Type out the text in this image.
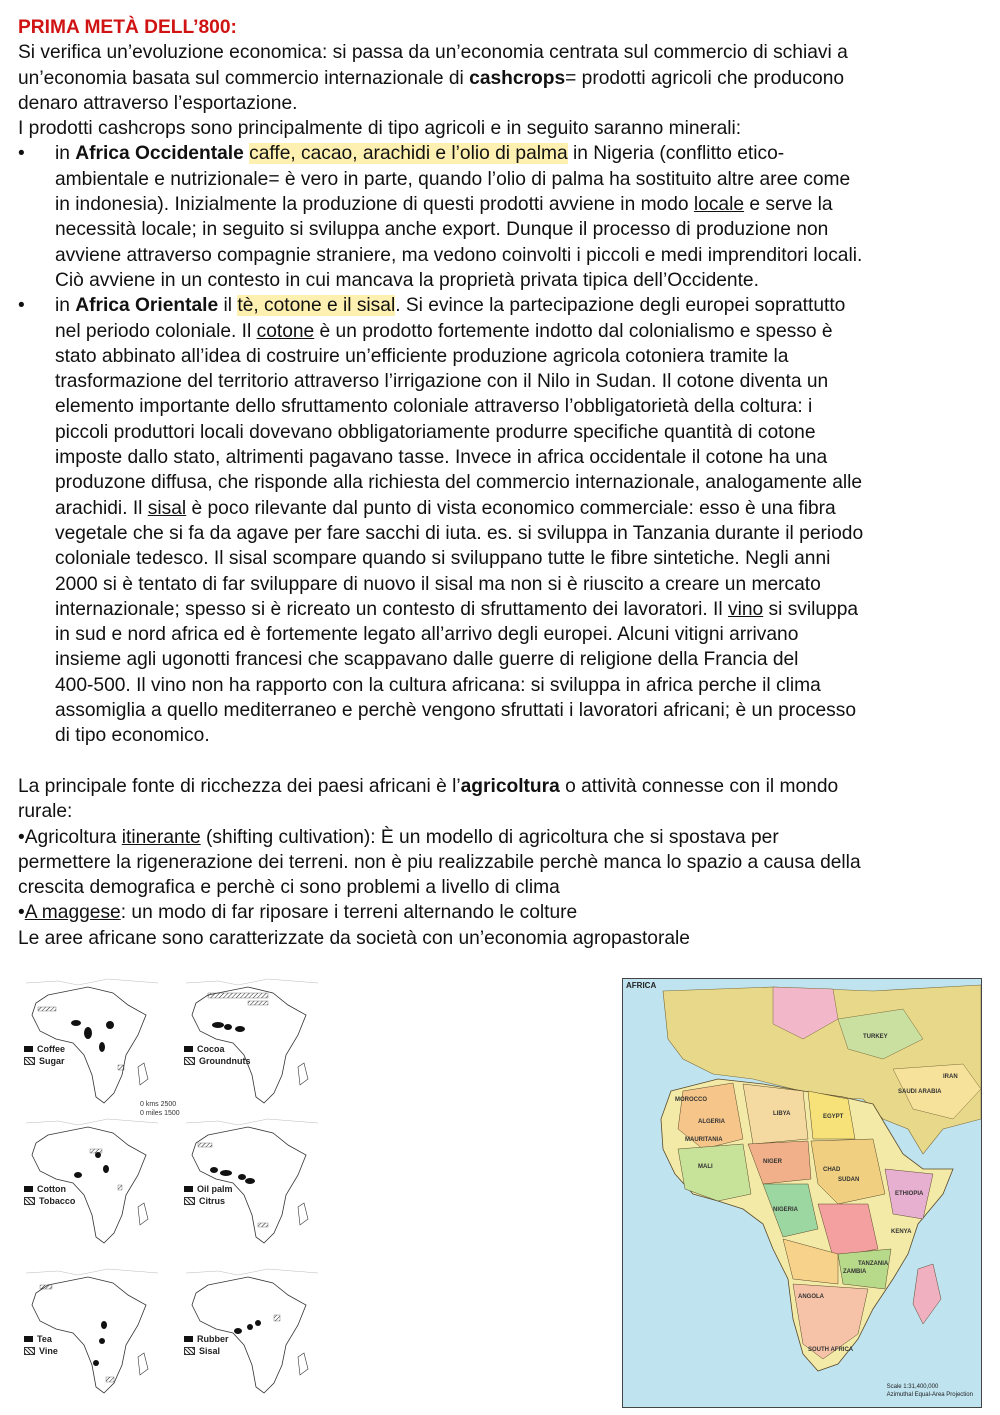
PRIMA METÀ DELL’800:
Si verifica un’evoluzione economica: si passa da un’economia centrata sul commercio di schiavi a
un’economia basata sul commercio internazionale di cashcrops= prodotti agricoli che producono
denaro attraverso l’esportazione.
I prodotti cashcrops sono principalmente di tipo agricoli e in seguito saranno minerali:
• in Africa Occidentale caffe, cacao, arachidi e l’olio di palma in Nigeria (conflitto etico-
ambientale e nutrizionale= è vero in parte, quando l’olio di palma ha sostituito altre aree come
in indonesia). Inizialmente la produzione di questi prodotti avviene in modo locale e serve la
necessità locale; in seguito si sviluppa anche export. Dunque il processo di produzione non
avviene attraverso compagnie straniere, ma vedono coinvolti i piccoli e medi imprenditori locali.
Ciò avviene in un contesto in cui mancava la proprietà privata tipica dell’Occidente.
• in Africa Orientale il tè, cotone e il sisal. Si evince la partecipazione degli europei soprattutto
nel periodo coloniale. Il cotone è un prodotto fortemente indotto dal colonialismo e spesso è
stato abbinato all’idea di costruire un’efficiente produzione agricola cotoniera tramite la
trasformazione del territorio attraverso l’irrigazione con il Nilo in Sudan. Il cotone diventa un
elemento importante dello sfruttamento coloniale attraverso l’obbligatorietà della coltura: i
piccoli produttori locali dovevano obbligatoriamente produrre specifiche quantità di cotone
imposte dallo stato, altrimenti pagavano tasse. Invece in africa occidentale il cotone ha una
produzone diffusa, che risponde alla richiesta del commercio internazionale, analogamente alle
arachidi. Il sisal è poco rilevante dal punto di vista economico commerciale: esso è una fibra
vegetale che si fa da agave per fare sacchi di iuta. es. si sviluppa in Tanzania durante il periodo
coloniale tedesco. Il sisal scompare quando si sviluppano tutte le fibre sintetiche. Negli anni
2000 si è tentato di far sviluppare di nuovo il sisal ma non si è riuscito a creare un mercato
internazionale; spesso si è ricreato un contesto di sfruttamento dei lavoratori. Il vino si sviluppa
in sud e nord africa ed è fortemente legato all’arrivo degli europei. Alcuni vitigni arrivano
insieme agli ugonotti francesi che scappavano dalle guerre di religione della Francia del
400-500. Il vino non ha rapporto con la cultura africana: si sviluppa in africa perche il clima
assomiglia a quello mediterraneo e perchè vengono sfruttati i lavoratori africani; è un processo
di tipo economico.
La principale fonte di ricchezza dei paesi africani è l’agricoltura o attività connesse con il mondo
rurale:
•Agricoltura itinerante (shifting cultivation): È un modello di agricoltura che si spostava per
permettere la rigenerazione dei terreni. non è piu realizzabile perchè manca lo spazio a causa della
crescita demografica e perchè ci sono problemi a livello di clima
•A maggese: un modo di far riposare i terreni alternando le colture
Le aree africane sono caratterizzate da società con un’economia agropastorale
Coffee
Sugar
Cocoa
Groundnuts
Cotton
Tobacco
Oil palm
Citrus
Tea
Vine
Rubber
Sisal
0 kms 2500
0 miles 1500
AFRICA
ALGERIA
LIBYA	EGYPT
NIGER
CHAD
SUDAN
ETHIOPIA
MALI
NIGERIA
KENYA
ANGOLA
ZAMBIA
MOROCCO
SOUTH AFRICA
TANZANIA
MAURITANIA
SAUDI ARABIA
IRAN
TURKEY
Scale 1:31,400,000
Azimuthal Equal-Area Projection
